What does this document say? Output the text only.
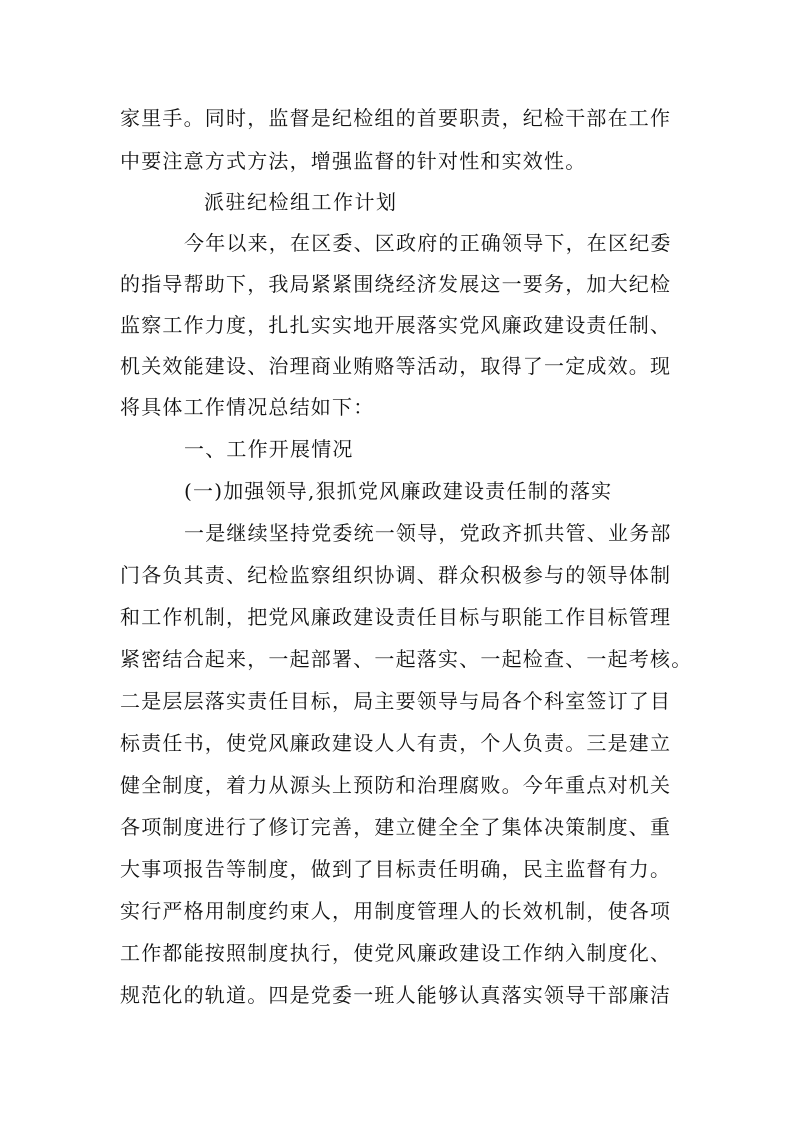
家里手。同时，监督是纪检组的首要职责，纪检干部在工作
中要注意方式方法，增强监督的针对性和实效性。
派驻纪检组工作计划
今年以来，在区委、区政府的正确领导下，在区纪委
的指导帮助下，我局紧紧围绕经济发展这一要务，加大纪检
监察工作力度，扎扎实实地开展落实党风廉政建设责任制、
机关效能建设、治理商业贿赂等活动，取得了一定成效。现
将具体工作情况总结如下：
一、工作开展情况
(一)加强领导,狠抓党风廉政建设责任制的落实
一是继续坚持党委统一领导，党政齐抓共管、业务部
门各负其责、纪检监察组织协调、群众积极参与的领导体制
和工作机制，把党风廉政建设责任目标与职能工作目标管理
紧密结合起来，一起部署、一起落实、一起检查、一起考核。
二是层层落实责任目标，局主要领导与局各个科室签订了目
标责任书，使党风廉政建设人人有责，个人负责。三是建立
健全制度，着力从源头上预防和治理腐败。今年重点对机关
各项制度进行了修订完善，建立健全全了集体决策制度、重
大事项报告等制度，做到了目标责任明确，民主监督有力。
实行严格用制度约束人，用制度管理人的长效机制，使各项
工作都能按照制度执行，使党风廉政建设工作纳入制度化、
规范化的轨道。四是党委一班人能够认真落实领导干部廉洁
